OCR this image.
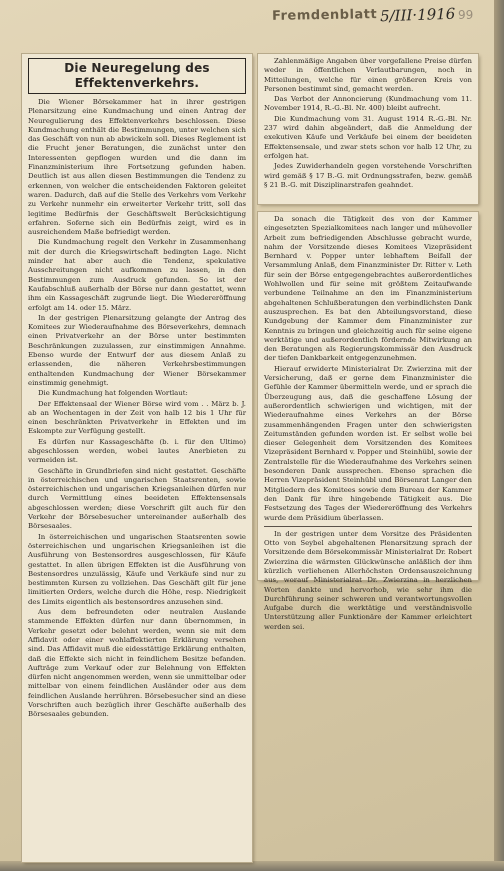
Fremdenblatt 5/III·1916 99
Die Neuregelung des Effektenverkehrs.

Die Wiener Börsekammer hat in ihrer gestrigen Plenarsitzung eine Kundmachung und einen Antrag der Neuregulierung des Effektenverkehrs beschlossen. Diese Kundmachung enthält die Bestimmungen, unter welchen sich das Geschäft von nun ab abwickeln soll. Dieses Reglement ist die Frucht jener Beratungen, die zunächst unter den Interessenten gepflogen wurden und die dann im Finanzministerium ihre Fortsetzung gefunden haben. Deutlich ist aus allen diesen Bestimmungen die Tendenz zu erkennen, von welcher die entscheidenden Faktoren geleitet waren. Dadurch, daß auf die Stelle des Verkehrs vom Verkehr zu Verkehr nunmehr ein erweiterter Verkehr tritt, soll das legitime Bedürfnis der Geschäftswelt Berücksichtigung erfahren. Soferne sich ein Bedürfnis zeigt, wird es in ausreichendem Maße befriedigt werden.

Die Kundmachung regelt den Verkehr in Zusammenhang mit der durch die Kriegswirtschaft bedingten Lage. Nicht minder hat aber auch die Tendenz, spekulative Ausschreitungen nicht aufkommen zu lassen, in den Bestimmungen zum Ausdruck gefunden. So ist der Kaufabschluß außerhalb der Börse nur dann gestattet, wenn ihm ein Kassageschäft zugrunde liegt. Die Wiedereröffnung erfolgt am 14. oder 15. März.

In der gestrigen Plenarsitzung gelangte der Antrag des Komitees zur Wiederaufnahme des Börseverkehrs, demnach einen Privatverkehr an der Börse unter bestimmten Beschränkungen zuzulassen, zur einstimmigen Annahme. Ebenso wurde der Entwurf der aus diesem Anlaß zu erlassenden, die näheren Verkehrsbestimmungen enthaltenden Kundmachung der Wiener Börsekammer einstimmig genehmigt.

Die Kundmachung hat folgenden Wortlaut:

Der Effektensaal der Wiener Börse wird vom . . März b. J. ab an Wochentagen in der Zeit von halb 12 bis 1 Uhr für einen beschränkten Privatverkehr in Effekten und im Eskompte zur Verfügung gestellt.

Es dürfen nur Kassageschäfte (b. i. für den Ultimo) abgeschlossen werden, wobei lautes Anerbieten zu vermeiden ist.

Geschäfte in Grundbriefen sind nicht gestattet. Geschäfte in österreichischen und ungarischen Staatsrenten, sowie österreichischen und ungarischen Kriegsanleihen dürfen nur durch Vermittlung eines beeideten Effektensensals abgeschlossen werden; diese Vorschrift gilt auch für den Verkehr der Börsebesucher untereinander außerhalb des Börsesaales.

In österreichischen und ungarischen Staatsrenten sowie österreichischen und ungarischen Kriegsanleihen ist die Ausführung von Bestensordres ausgeschlossen, für Käufe gestattet. In allen übrigen Effekten ist die Ausführung von Bestensordres unzulässig, Käufe und Verkäufe sind nur zu bestimmten Kursen zu vollziehen. Das Geschäft gilt für jene limitierten Orders, welche durch die Höhe, resp. Niedrigkeit des Limits eigentlich als bestensordres anzusehen sind.

Aus dem befreundeten oder neutralen Auslande stammende Effekten dürfen nur dann übernommen, in Verkehr gesetzt oder belehnt werden, wenn sie mit dem Affidavit oder einer wohlaffektierten Erklärung versehen sind. Das Affidavit muß die eidesstättige Erklärung enthalten, daß die Effekte sich nicht in feindlichem Besitze befanden. Aufträge zum Verkauf oder zur Belehnung von Effekten dürfen nicht angenommen werden, wenn sie unmittelbar oder mittelbar von einem feindlichen Ausländer oder aus dem feindlichen Auslande herrühren. Börsebesucher sind an diese Vorschriften auch bezüglich ihrer Geschäfte außerhalb des Börsesaales gebunden.

Zahlenmäßige Angaben über vorgefallene Preise dürfen weder in öffentlichen Verlautbarungen, noch in Mitteilungen, welche für einen größeren Kreis von Personen bestimmt sind, gemacht werden.

Das Verbot der Annoncierung (Kundmachung vom 11. November 1914, R.-G.-Bl. Nr. 400) bleibt aufrecht.

Die Kundmachung vom 31. August 1914 R.-G.-Bl. Nr. 237 wird dahin abgeändert, daß die Anmeldung der exekutiven Käufe und Verkäufe bei einem der beeideten Effektensensale, und zwar stets schon vor halb 12 Uhr, zu erfolgen hat.

Jedes Zuwiderhandeln gegen vorstehende Vorschriften wird gemäß § 17 B.-G. mit Ordnungsstrafen, bezw. gemäß § 21 B.-G. mit Disziplinarstrafen geahndet.

Da sonach die Tätigkeit des von der Kammer eingesetzten Spezialkomitees nach langer und mühevoller Arbeit zum befriedigenden Abschlusse gebracht wurde, nahm der Vorsitzende dieses Komitees Vizepräsident Bernhard v. Popper unter lebhaftem Beifall der Versammlung Anlaß, dem Finanzminister Dr. Ritter v. Leth für sein der Börse entgegengebrachtes außerordentliches Wohlwollen und für seine mit größtem Zeitaufwande verbundene Teilnahme an den im Finanzministerium abgehaltenen Schlußberatungen den verbindlichsten Dank auszusprechen. Es bat den Abteilungsvorstand, diese Kundgebung der Kammer dem Finanzminister zur Kenntnis zu bringen und gleichzeitig auch für seine eigene werktätige und außerordentlich fördernde Mitwirkung an den Beratungen als Regierungskommissär den Ausdruck der tiefen Dankbarkeit entgegenzunehmen.

Hierauf erwiderte Ministerialrat Dr. Zwierzina mit der Versicherung, daß er gerne dem Finanzminister die Gefühle der Kammer übermitteln werde, und er sprach die Überzeugung aus, daß die geschaffene Lösung der außerordentlich schwierigen und wichtigen, mit der Wiederaufnahme eines Verkehrs an der Börse zusammenhängenden Fragen unter den schwierigsten Zeitumständen gefunden worden ist. Er selbst wolle bei dieser Gelegenheit dem Vorsitzenden des Komitees Vizepräsident Bernhard v. Popper und Steinhübl, sowie der Zentralstelle für die Wiederaufnahme des Verkehrs seinen besonderen Dank aussprechen. Ebenso sprachen die Herren Vizepräsident Steinhübl und Börsenrat Langer den Mitgliedern des Komitees sowie dem Bureau der Kammer den Dank für ihre hingebende Tätigkeit aus. Die Festsetzung des Tages der Wiedereröffnung des Verkehrs wurde dem Präsidium überlassen.

In der gestrigen unter dem Vorsitze des Präsidenten Otto von Seybel abgehaltenen Plenarsitzung sprach der Vorsitzende dem Börsekommissär Ministerialrat Dr. Robert Zwierzina die wärmsten Glückwünsche anläßlich der ihm kürzlich verliehenen Allerhöchsten Ordensauszeichnung aus, worauf Ministerialrat Dr. Zwierzina in herzlichen Worten dankte und hervorhob, wie sehr ihm die Durchführung seiner schweren und verantwortungsvollen Aufgabe durch die werktätige und verständnisvolle Unterstützung aller Funktionäre der Kammer erleichtert werden sei.
